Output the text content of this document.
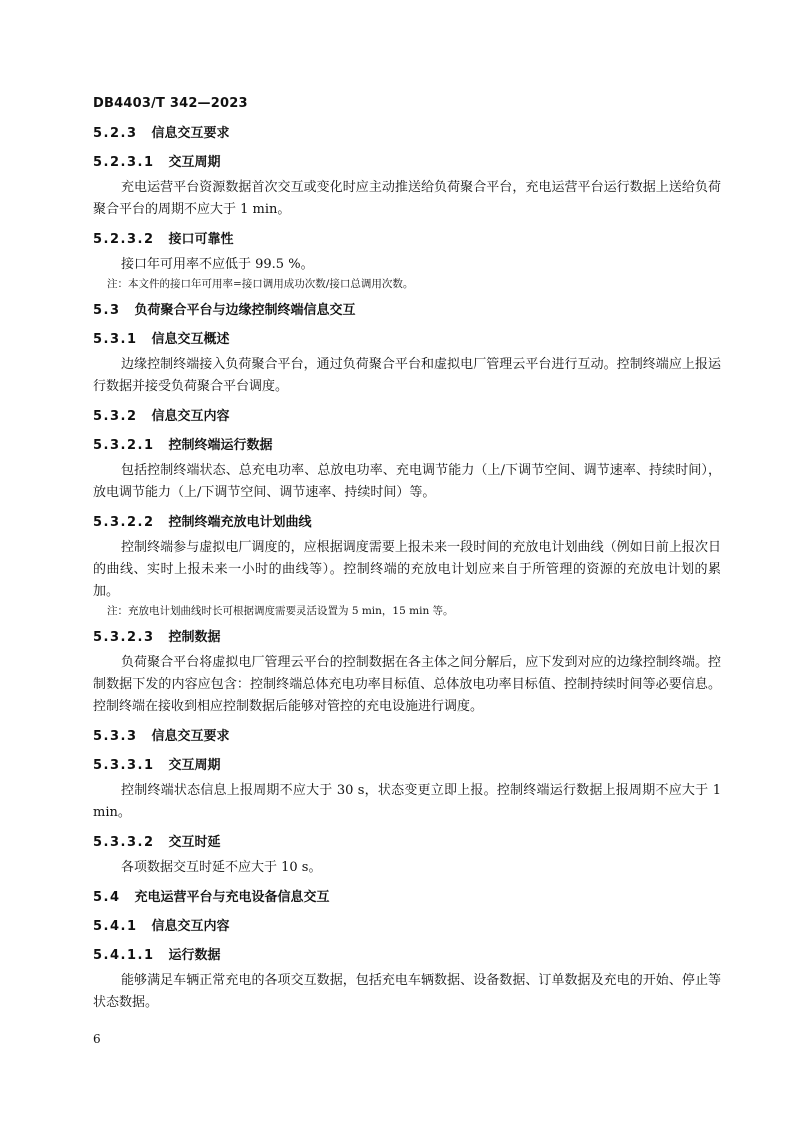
DB4403/T 342—2023
5.2.3 信息交互要求
5.2.3.1 交互周期

充电运营平台资源数据首次交互或变化时应主动推送给负荷聚合平台，充电运营平台运行数据上送给负荷聚合平台的周期不应大于 1 min。

5.2.3.2 接口可靠性

接口年可用率不应低于 99.5 %。

注：本文件的接口年可用率=接口调用成功次数/接口总调用次数。

5.3 负荷聚合平台与边缘控制终端信息交互
5.3.1 信息交互概述

边缘控制终端接入负荷聚合平台，通过负荷聚合平台和虚拟电厂管理云平台进行互动。控制终端应上报运行数据并接受负荷聚合平台调度。

5.3.2 信息交互内容
5.3.2.1 控制终端运行数据

包括控制终端状态、总充电功率、总放电功率、充电调节能力（上/下调节空间、调节速率、持续时间），放电调节能力（上/下调节空间、调节速率、持续时间）等。

5.3.2.2 控制终端充放电计划曲线

控制终端参与虚拟电厂调度的，应根据调度需要上报未来一段时间的充放电计划曲线（例如日前上报次日的曲线、实时上报未来一小时的曲线等）。控制终端的充放电计划应来自于所管理的资源的充放电计划的累加。

注：充放电计划曲线时长可根据调度需要灵活设置为 5 min，15 min 等。

5.3.2.3 控制数据

负荷聚合平台将虚拟电厂管理云平台的控制数据在各主体之间分解后，应下发到对应的边缘控制终端。控制数据下发的内容应包含：控制终端总体充电功率目标值、总体放电功率目标值、控制持续时间等必要信息。控制终端在接收到相应控制数据后能够对管控的充电设施进行调度。

5.3.3 信息交互要求
5.3.3.1 交互周期

控制终端状态信息上报周期不应大于 30 s，状态变更立即上报。控制终端运行数据上报周期不应大于 1 min。

5.3.3.2 交互时延

各项数据交互时延不应大于 10 s。

5.4 充电运营平台与充电设备信息交互
5.4.1 信息交互内容
5.4.1.1 运行数据

能够满足车辆正常充电的各项交互数据，包括充电车辆数据、设备数据、订单数据及充电的开始、停止等状态数据。

6
